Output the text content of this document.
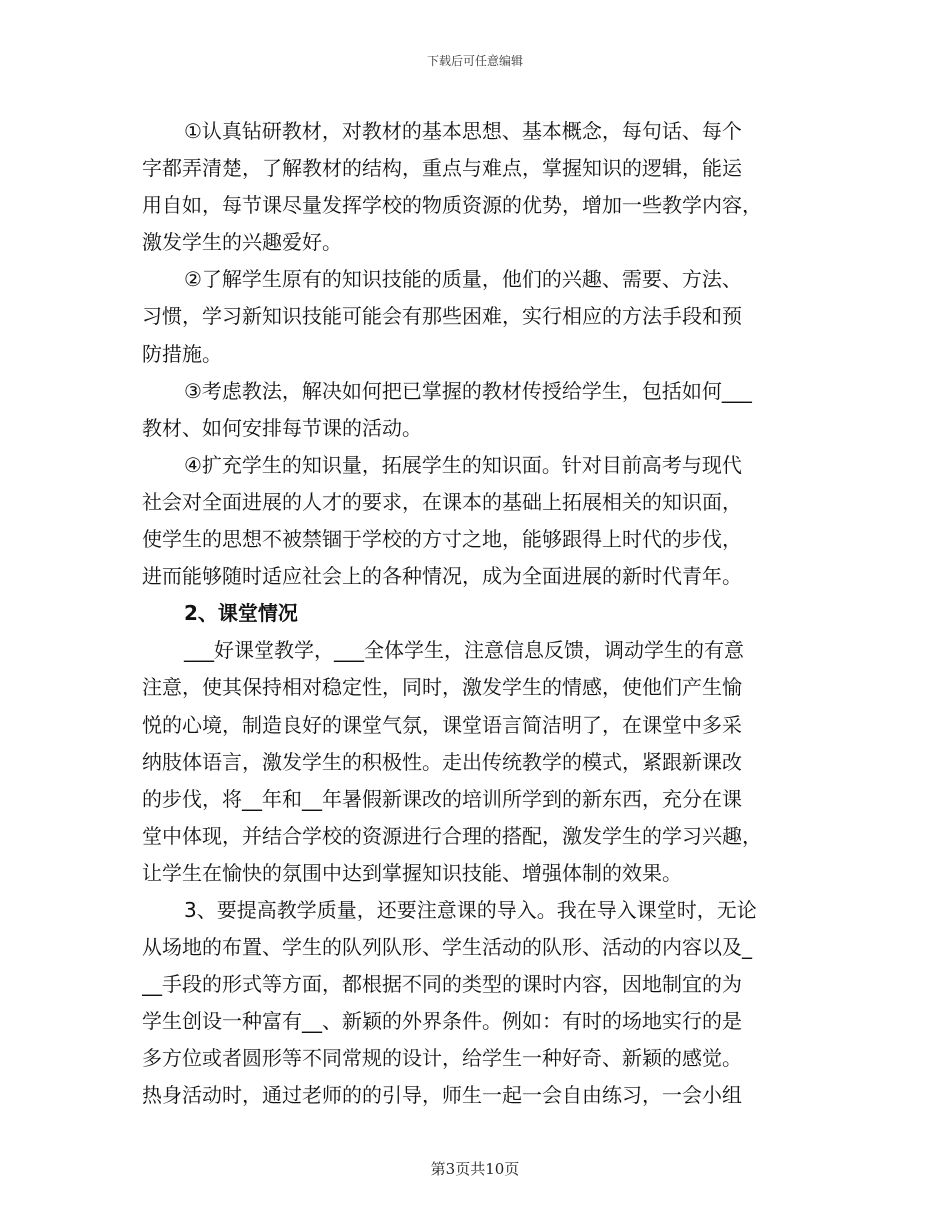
下载后可任意编辑
①认真钻研教材，对教材的基本思想、基本概念，每句话、每个
字都弄清楚，了解教材的结构，重点与难点，掌握知识的逻辑，能运
用自如，每节课尽量发挥学校的物质资源的优势，增加一些教学内容，
激发学生的兴趣爱好。
②了解学生原有的知识技能的质量，他们的兴趣、需要、方法、
习惯，学习新知识技能可能会有那些困难，实行相应的方法手段和预
防措施。
③考虑教法，解决如何把已掌握的教材传授给学生，包括如何___
教材、如何安排每节课的活动。
④扩充学生的知识量，拓展学生的知识面。针对目前高考与现代
社会对全面进展的人才的要求，在课本的基础上拓展相关的知识面，
使学生的思想不被禁锢于学校的方寸之地，能够跟得上时代的步伐，
进而能够随时适应社会上的各种情况，成为全面进展的新时代青年。
2、课堂情况
___好课堂教学，___全体学生，注意信息反馈，调动学生的有意
注意，使其保持相对稳定性，同时，激发学生的情感，使他们产生愉
悦的心境，制造良好的课堂气氛，课堂语言简洁明了，在课堂中多采
纳肢体语言，激发学生的积极性。走出传统教学的模式，紧跟新课改
的步伐，将__年和__年暑假新课改的培训所学到的新东西，充分在课
堂中体现，并结合学校的资源进行合理的搭配，激发学生的学习兴趣，
让学生在愉快的氛围中达到掌握知识技能、增强体制的效果。
3、要提高教学质量，还要注意课的导入。我在导入课堂时，无论
从场地的布置、学生的队列队形、学生活动的队形、活动的内容以及_
__手段的形式等方面，都根据不同的类型的课时内容，因地制宜的为
学生创设一种富有__、新颖的外界条件。例如：有时的场地实行的是
多方位或者圆形等不同常规的设计，给学生一种好奇、新颖的感觉。
热身活动时，通过老师的的引导，师生一起一会自由练习，一会小组
第3页共10页
